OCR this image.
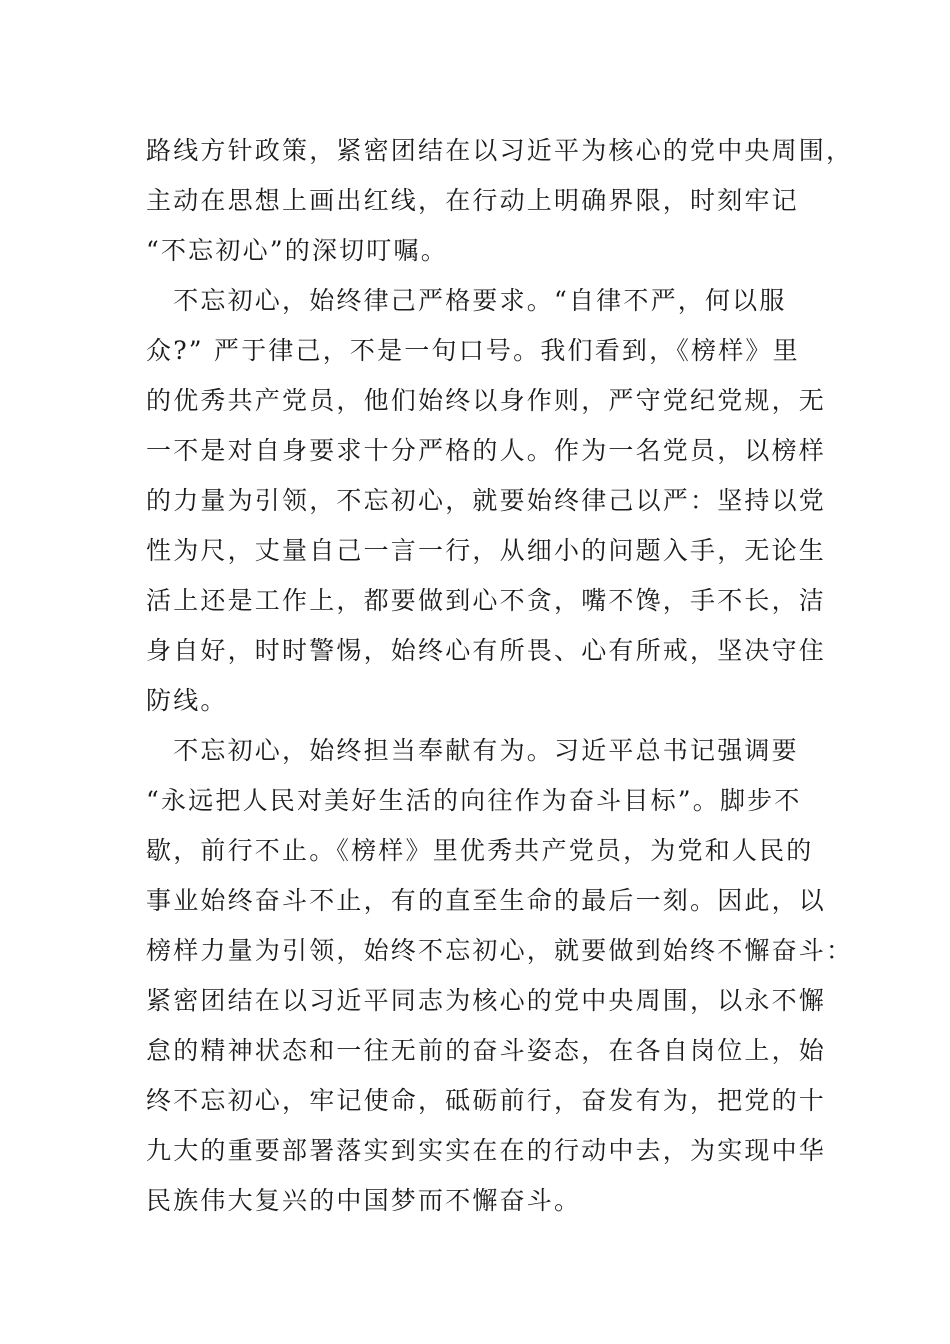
路线方针政策，紧密团结在以习近平为核心的党中央周围，
主动在思想上画出红线，在行动上明确界限，时刻牢记
“不忘初心”的深切叮嘱。
　不忘初心，始终律己严格要求。“自律不严，何以服
众?” 严于律己，不是一句口号。我们看到，《榜样》里
的优秀共产党员，他们始终以身作则，严守党纪党规，无
一不是对自身要求十分严格的人。作为一名党员，以榜样
的力量为引领，不忘初心，就要始终律己以严：坚持以党
性为尺，丈量自己一言一行，从细小的问题入手，无论生
活上还是工作上，都要做到心不贪，嘴不馋，手不长，洁
身自好，时时警惕，始终心有所畏、心有所戒，坚决守住
防线。
　不忘初心，始终担当奉献有为。习近平总书记强调要
“永远把人民对美好生活的向往作为奋斗目标”。脚步不
歇，前行不止。《榜样》里优秀共产党员，为党和人民的
事业始终奋斗不止，有的直至生命的最后一刻。因此，以
榜样力量为引领，始终不忘初心，就要做到始终不懈奋斗：
紧密团结在以习近平同志为核心的党中央周围，以永不懈
怠的精神状态和一往无前的奋斗姿态，在各自岗位上，始
终不忘初心，牢记使命，砥砺前行，奋发有为，把党的十
九大的重要部署落实到实实在在的行动中去，为实现中华
民族伟大复兴的中国梦而不懈奋斗。
